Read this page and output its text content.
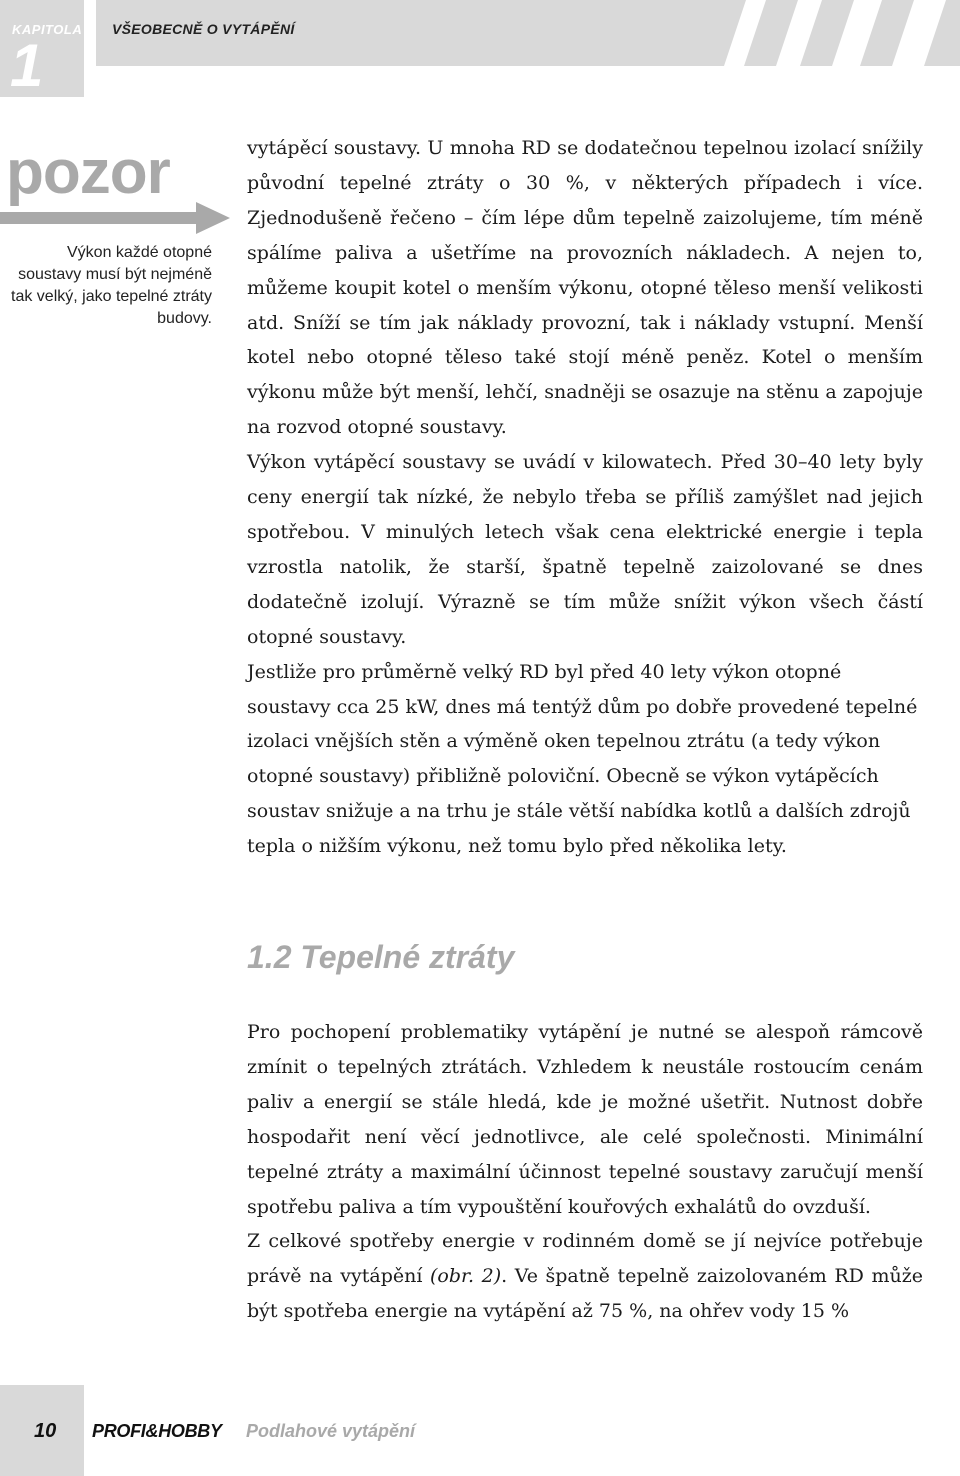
KAPITOLA
1
VŠEOBECNĚ O VYTÁPĚNÍ
pozor
Výkon každé otopné soustavy musí být nejméně tak velký, jako tepelné ztráty budovy.

vytápěcí soustavy. U mnoha RD se dodatečnou tepelnou izolací snížily původní tepelné ztráty o 30 %, v některých případech i více. Zjednodušeně řečeno – čím lépe dům tepelně zaizolujeme, tím méně spálíme paliva a ušetříme na provozních nákladech. A nejen to, můžeme koupit kotel o menším výkonu, otopné těleso menší velikosti atd. Sníží se tím jak náklady provozní, tak i náklady vstupní. Menší kotel nebo otopné těleso také stojí méně peněz. Kotel o menším výkonu může být menší, lehčí, snadněji se osazuje na stěnu a zapojuje na rozvod otopné soustavy.

Výkon vytápěcí soustavy se uvádí v kilowatech. Před 30–40 lety byly ceny energií tak nízké, že nebylo třeba se příliš zamýšlet nad jejich spotřebou. V minulých letech však cena elektrické energie i tepla vzrostla natolik, že starší, špatně tepelně zaizolované se dnes dodatečně izolují. Výrazně se tím může snížit výkon všech částí otopné soustavy.

Jestliže pro průměrně velký RD byl před 40 lety výkon otopné soustavy cca 25 kW, dnes má tentýž dům po dobře provedené tepelné izolaci vnějších stěn a výměně oken tepelnou ztrátu (a tedy výkon otopné soustavy) přibližně poloviční. Obecně se výkon vytápěcích soustav snižuje a na trhu je stále větší nabídka kotlů a dalších zdrojů tepla o nižším výkonu, než tomu bylo před několika lety.

1.2 Tepelné ztráty

Pro pochopení problematiky vytápění je nutné se alespoň rámcově zmínit o tepelných ztrátách. Vzhledem k neustále rostoucím cenám paliv a energií se stále hledá, kde je možné ušetřit. Nutnost dobře hospodařit není věcí jednotlivce, ale celé společnosti. Minimální tepelné ztráty a maximální účinnost tepelné soustavy zaručují menší spotřebu paliva a tím vypouštění kouřových exhalátů do ovzduší.

Z celkové spotřeby energie v rodinném domě se jí nejvíce potřebuje právě na vytápění (obr. 2). Ve špatně tepelně zaizolovaném RD může být spotřeba energie na vytápění až 75 %, na ohřev vody 15 %

10 PROFI&HOBBY Podlahové vytápění
